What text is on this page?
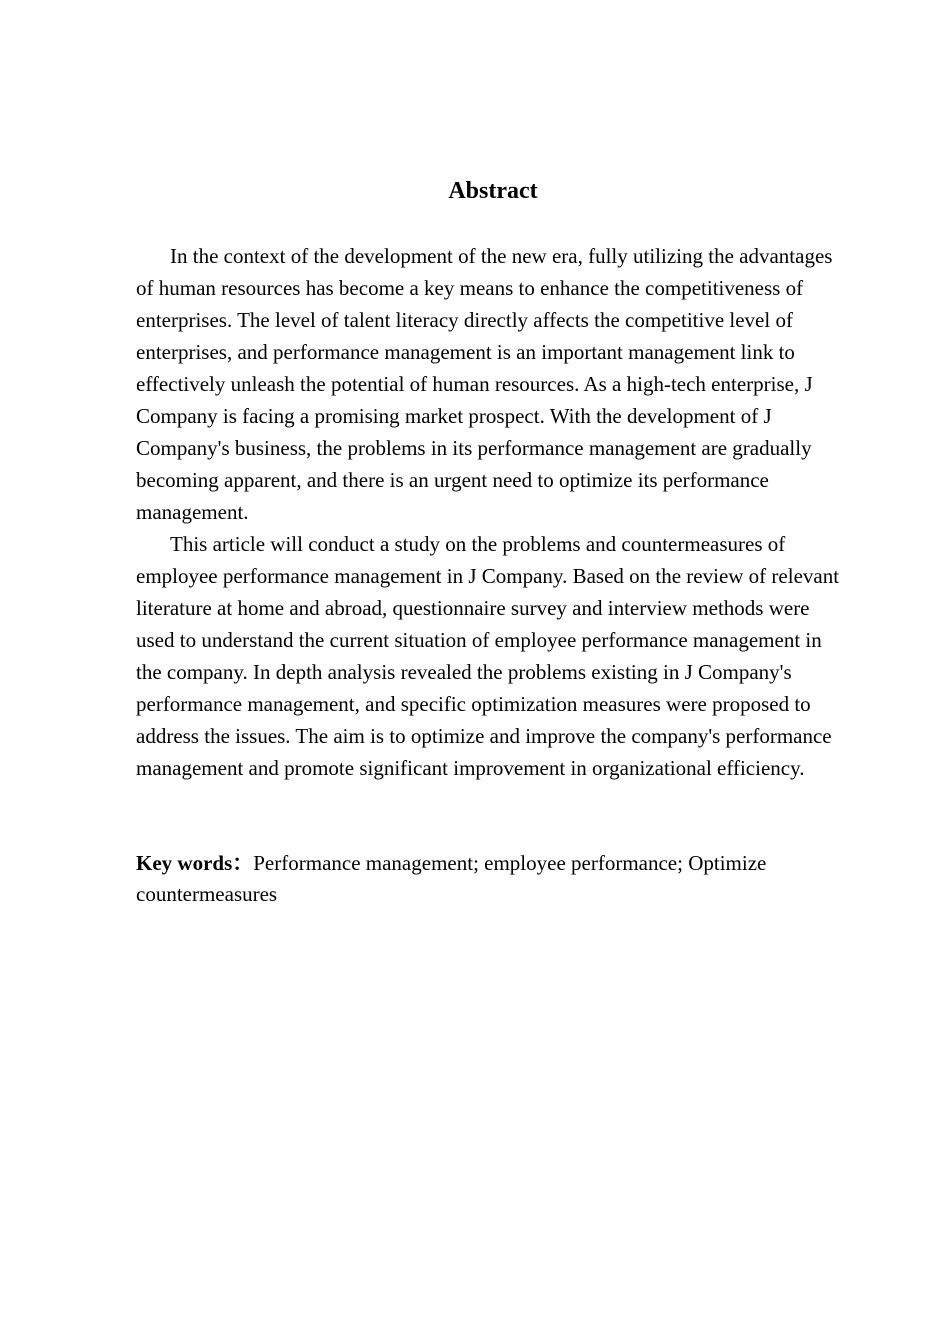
Abstract

In the context of the development of the new era, fully utilizing the advantages of human resources has become a key means to enhance the competitiveness of enterprises. The level of talent literacy directly affects the competitive level of enterprises, and performance management is an important management link to effectively unleash the potential of human resources. As a high-tech enterprise, J Company is facing a promising market prospect. With the development of J Company's business, the problems in its performance management are gradually becoming apparent, and there is an urgent need to optimize its performance management.

This article will conduct a study on the problems and countermeasures of employee performance management in J Company. Based on the review of relevant literature at home and abroad, questionnaire survey and interview methods were used to understand the current situation of employee performance management in the company. In depth analysis revealed the problems existing in J Company's performance management, and specific optimization measures were proposed to address the issues. The aim is to optimize and improve the company's performance management and promote significant improvement in organizational efficiency.

Key words：Performance management; employee performance; Optimize countermeasures
